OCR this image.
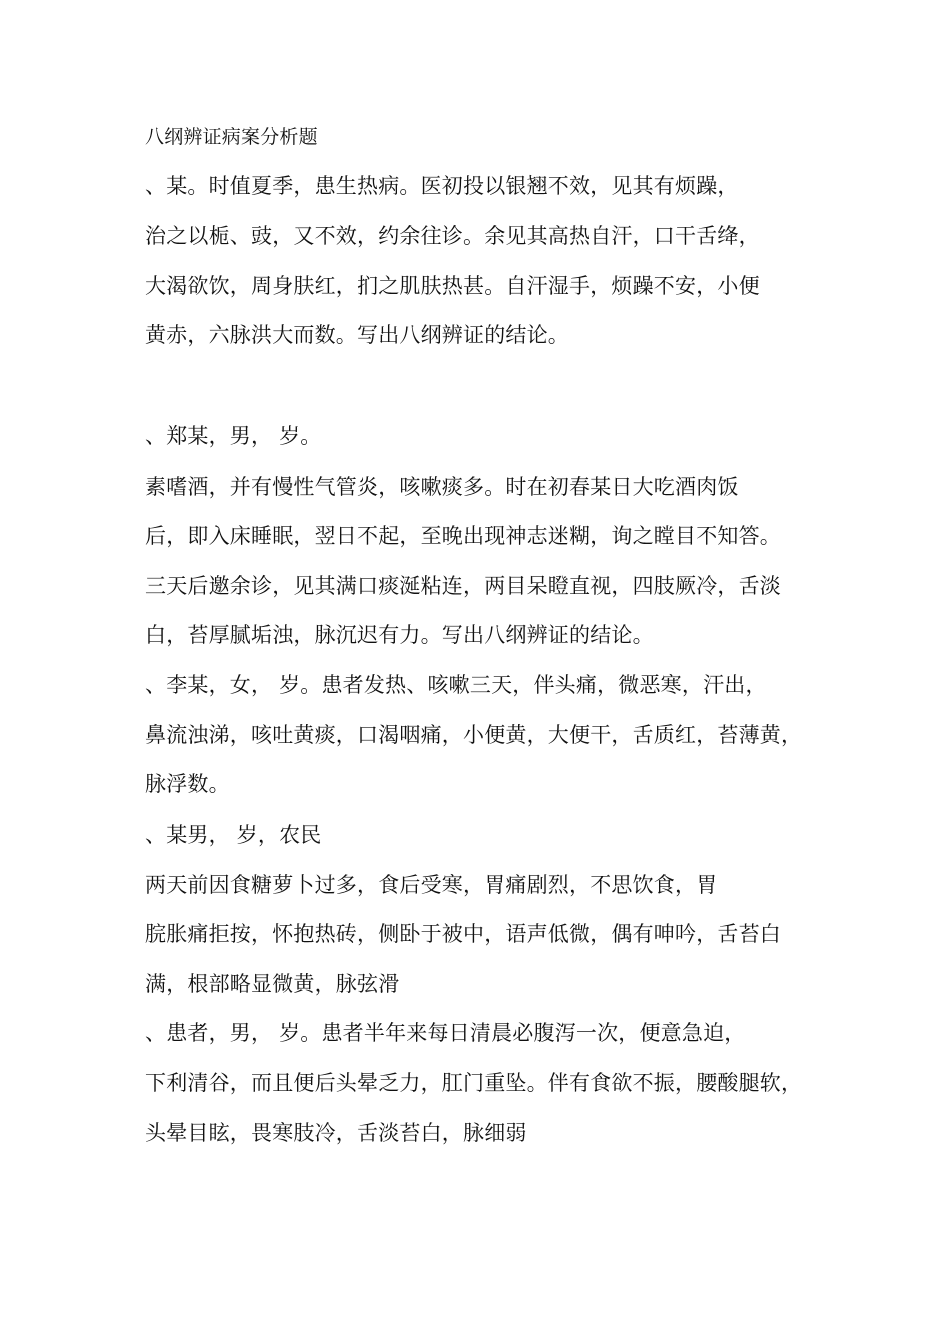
八纲辨证病案分析题
、某。时值夏季，患生热病。医初投以银翘不效，见其有烦躁，
治之以栀、豉，又不效，约余往诊。余见其高热自汗，口干舌绛，
大渴欲饮，周身肤红，扪之肌肤热甚。自汗湿手，烦躁不安，小便
黄赤，六脉洪大而数。写出八纲辨证的结论。
、郑某，男， 岁。
素嗜酒，并有慢性气管炎，咳嗽痰多。时在初春某日大吃酒肉饭
后，即入床睡眠，翌日不起，至晚出现神志迷糊，询之瞠目不知答。
三天后邀余诊，见其满口痰涎粘连，两目呆瞪直视，四肢厥冷，舌淡
白，苔厚腻垢浊，脉沉迟有力。写出八纲辨证的结论。
、李某，女， 岁。患者发热、咳嗽三天，伴头痛，微恶寒，汗出，
鼻流浊涕，咳吐黄痰，口渴咽痛，小便黄，大便干，舌质红，苔薄黄，
脉浮数。
、某男， 岁，农民
两天前因食糖萝卜过多，食后受寒，胃痛剧烈，不思饮食，胃
脘胀痛拒按，怀抱热砖，侧卧于被中，语声低微，偶有呻吟，舌苔白
满，根部略显微黄，脉弦滑
、患者，男， 岁。患者半年来每日清晨必腹泻一次，便意急迫，
下利清谷，而且便后头晕乏力，肛门重坠。伴有食欲不振，腰酸腿软，
头晕目眩，畏寒肢冷，舌淡苔白，脉细弱
